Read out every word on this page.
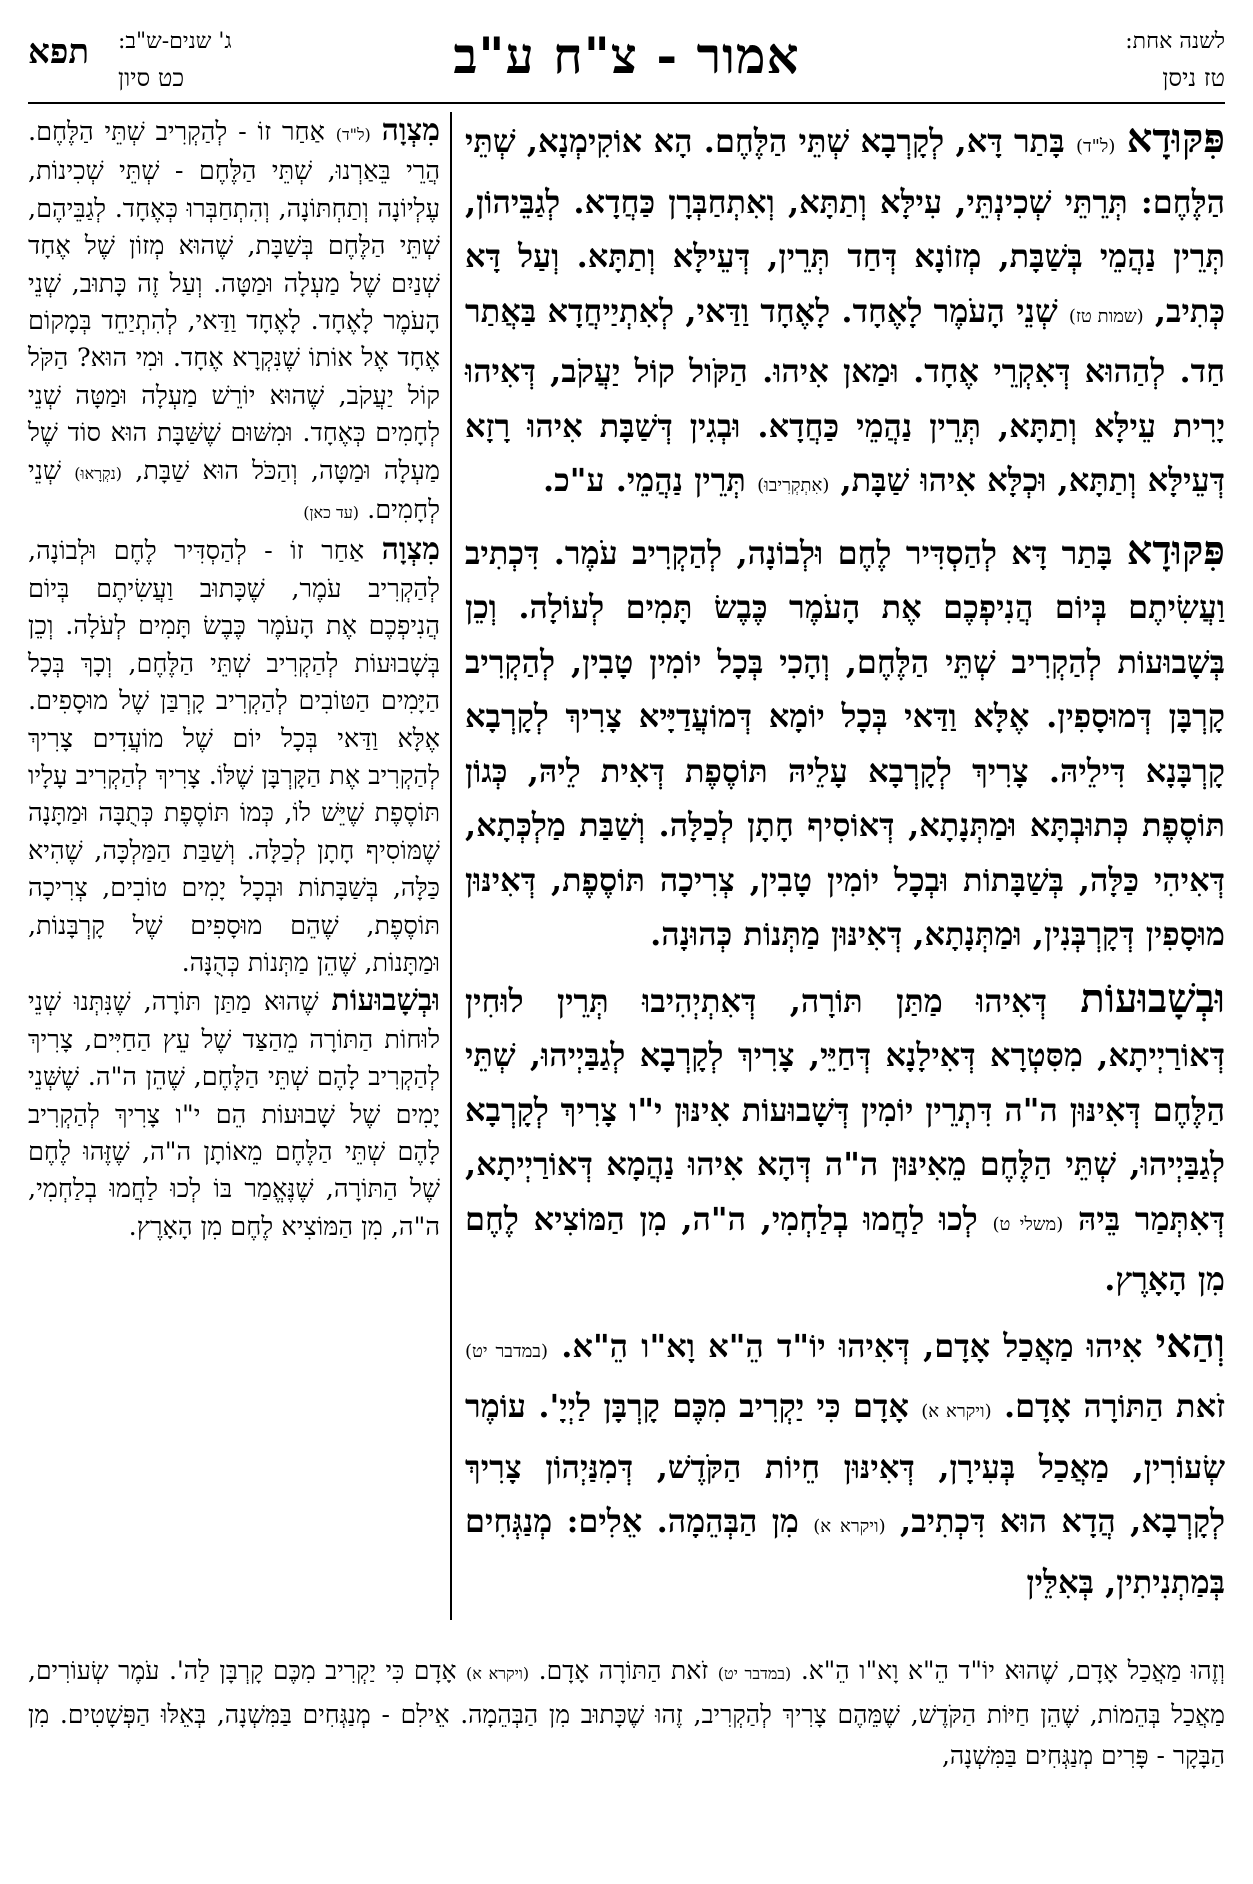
לשנה אחת:
טז ניסן
אמור - צ"ח ע"ב
ג' שנים-ש"ב:
כט סיון
תפא

פִּקּוּדָא (ל"ד) בָּתַר דָּא, לְקָרְבָא שְׁתֵּי הַלֶּחֶם. הָא אוֹקִימְנָא, שְׁתֵּי הַלֶּחֶם: תְּרֵתֵּי שְׁכִינְתֵּי, עִילָּא וְתַתָּא, וְאִתְחַבְּרָן כַּחֲדָא. לְגַבֵּיהוֹן, תְּרֵין נַהֲמֵי בְּשַׁבָּת, מְזוֹנָא דְּחַד תְּרֵין, דְּעֵילָּא וְתַתָּא. וְעַל דָּא כְּתִיב, (שמות טז) שְׁנֵי הָעֹמֶר לָאֶחָד. לָאֶחָד וַדַּאי, לְאִתְיַיחֲדָא בַּאֲתַר חַד. לְהַהוּא דְּאִקְרֵי אֶחָד. וּמַאן אִיהוּ. הַקֹּול קוֹל יַעֲקֹב, דְּאִיהוּ יָרִית עֵילָּא וְתַתָּא, תְּרֵין נַהֲמֵי כַּחֲדָא. וּבְגִין דְּשַׁבָּת אִיהוּ רָזָא דְּעֵילָּא וְתַתָּא, וּכְלָּא אִיהוּ שַׁבָּת, (אִתְקְרִיבוּ) תְּרֵין נַהֲמֵי. ע"כ.

פִּקּוּדָא בָּתַר דָּא לְהַסְדִּיר לֶחֶם וּלְבוֹנָה, לְהַקְרִיב עֹמֶר. דִּכְתִיב וַעֲשִׂיתֶם בְּיוֹם הֲנִיפְכֶם אֶת הָעֹמֶר כֶּבֶשׂ תָּמִים לְעוֹלָה. וְכֵן בְּשָׁבוּעוֹת לְהַקְרִיב שְׁתֵּי הַלֶּחֶם, וְהָכִי בְּכָל יוֹמִין טָבִין, לְהַקְרִיב קָרְבָּן דְּמוּסָפִין. אֶלָּא וַדַּאי בְּכָל יוֹמָא דְּמוֹעֲדַיָּיא צָרִיךְ לְקָרְבָא קָרְבָּנָא דִּילֵיהּ. צָרִיךְ לְקָרְבָא עָלֵיהּ תּוֹסֶפֶת דְּאִית לֵיהּ, כְּגוֹן תּוֹסֶפֶת כְּתוּבְתָּא וּמַתְּנָתָא, דְּאוֹסִיף חָתָן לְכַלָּה. וְשַׁבַּת מַלְכְּתָא, דְּאִיהִי כַּלָּה, בְּשַׁבָּתוֹת וּבְכָל יוֹמִין טָבִין, צְרִיכָה תּוֹסֶפֶת, דְּאִינּוּן מוּסָפִין דְּקָרְבְּנִין, וּמַתְּנָתָא, דְּאִינּוּן מַתְּנוֹת כְּהוּנָה.

וּבְשָׁבוּעוֹת דְּאִיהוּ מַתַּן תּוֹרָה, דְּאִתְיְהִיבוּ תְּרֵין לוּחִין דְּאוֹרַיְיתָא, מִסִּטְרָא דְּאִילָנָא דְּחַיֵּי, צָרִיךְ לְקָרְבָא לְגַבַּיְיהוּ, שְׁתֵּי הַלֶּחֶם דְּאִינּוּן ה"ה דִּתְרֵין יוֹמִין דְּשָׁבוּעוֹת אִינּוּן י"ו צָרִיךְ לְקָרְבָא לְגַבַּיְיהוּ, שְׁתֵּי הַלֶּחֶם מֵאִינּוּן ה"ה דְּהָא אִיהוּ נַהֲמָא דְּאוֹרַיְיתָא, דְּאִתְּמַר בֵּיהּ (משלי ט) לְכוּ לַחֲמוּ בְלַחְמִי, ה"ה, מִן הַמּוֹצִיא לֶחֶם מִן הָאָרֶץ.

וְהַאי אִיהוּ מַאֲכַל אָדָם, דְּאִיהוּ יוֹ"ד הֵ"א וָא"ו הֵ"א. (במדבר יט) זֹאת הַתּוֹרָה אָדָם. (ויקרא א) אָדָם כִּי יַקְרִיב מִכֶּם קָרְבָּן לַיְיָ'. עוֹמֶר שְׂעוֹרִין, מַאֲכַל בְּעִירָן, דְּאִינּוּן חֵיוֹת הַקֹּדֶשׁ, דְּמִנַּיְהוֹן צָרִיךְ לְקָרְבָא, הֲדָא הוּא דִּכְתִיב, (ויקרא א) מִן הַבְּהֵמָה. אֵלִים: מְנַגְּחִים בְּמַתְנִיתִין, בְּאִלֵּין

מִצְוָה (ל"ד) אַחַר זוֹ - לְהַקְרִיב שְׁתֵּי הַלֶּחֶם. הֲרֵי בֵּאַרְנוּ, שְׁתֵּי הַלֶּחֶם - שְׁתֵּי שְׁכִינוֹת, עֶלְיוֹנָה וְתַחְתּוֹנָה, וְהִתְחַבְּרוּ כְּאֶחָד. לְגַבֵּיהֶם, שְׁתֵּי הַלֶּחֶם בְּשַׁבָּת, שֶׁהוּא מְזוֹן שֶׁל אֶחָד שְׁנַיִם שֶׁל מַעְלָה וּמַטָּה. וְעַל זֶה כָּתוּב, שְׁנֵי הָעֹמֶר לָאֶחָד. לָאֶחָד וַדַּאי, לְהִתְיַחֵד בְּמָקוֹם אֶחָד אֶל אוֹתוֹ שֶׁנִּקְרָא אֶחָד. וּמִי הוּא? הַקֹּל קוֹל יַעֲקֹב, שֶׁהוּא יוֹרֵשׁ מַעְלָה וּמַטָּה שְׁנֵי לְחָמִים כְּאֶחָד. וּמִשּׁוּם שֶׁשַּׁבָּת הוּא סוֹד שֶׁל מַעְלָה וּמַטָּה, וְהַכֹּל הוּא שַׁבָּת, (נקְרָאוּ) שְׁנֵי לְחָמִים. (עד כאן)

מִצְוָה אַחַר זוֹ - לְהַסְדִּיר לֶחֶם וּלְבוֹנָה, לְהַקְרִיב עֹמֶר, שֶׁכָּתוּב וַעֲשִׂיתֶם בְּיוֹם הֲנִיפְכֶם אֶת הָעֹמֶר כֶּבֶשׂ תָּמִים לְעֹלָה. וְכֵן בְּשָׁבוּעוֹת לְהַקְרִיב שְׁתֵּי הַלֶּחֶם, וְכָךְ בְּכָל הַיָּמִים הַטּוֹבִים לְהַקְרִיב קָרְבַּן שֶׁל מוּסָפִים. אֶלָּא וַדַּאי בְּכָל יוֹם שֶׁל מוֹעֲדִים צָרִיךְ לְהַקְרִיב אֶת הַקָּרְבָּן שֶׁלּוֹ. צָרִיךְ לְהַקְרִיב עָלָיו תּוֹסֶפֶת שֶׁיֵּשׁ לוֹ, כְּמוֹ תּוֹסֶפֶת כְּתֻבָּה וּמַתָּנָה שֶׁמּוֹסִיף חָתָן לְכַלָּה. וְשַׁבַּת הַמַּלְכָּה, שֶׁהִיא כַּלָּה, בְּשַׁבָּתוֹת וּבְכָל יָמִים טוֹבִים, צְרִיכָה תּוֹסֶפֶת, שֶׁהֵם מוּסָפִים שֶׁל קָרְבָּנוֹת, וּמַתָּנוֹת, שֶׁהֵן מַתְּנוֹת כְּהֻנָּה.

וּבְשָׁבוּעוֹת שֶׁהוּא מַתַּן תּוֹרָה, שֶׁנִּתְּנוּ שְׁנֵי לוּחוֹת הַתּוֹרָה מֵהַצַּד שֶׁל עֵץ הַחַיִּים, צָרִיךְ לְהַקְרִיב לָהֶם שְׁתֵּי הַלֶּחֶם, שֶׁהֵן ה"ה. שֶׁשְּׁנֵי יָמִים שֶׁל שָׁבוּעוֹת הֵם י"ו צָרִיךְ לְהַקְרִיב לָהֶם שְׁתֵּי הַלֶּחֶם מֵאוֹתָן ה"ה, שֶׁזֶּהוּ לֶחֶם שֶׁל הַתּוֹרָה, שֶׁנֶּאֱמַר בּוֹ לְכוּ לַחֲמוּ בְלַחְמִי, ה"ה, מִן הַמּוֹצִיא לֶחֶם מִן הָאָרֶץ.

וְזֶהוּ מַאֲכַל אָדָם, שֶׁהוּא יוֹ"ד הֵ"א וָא"ו הֵ"א. (במדבר יט) זֹאת הַתּוֹרָה אָדָם. (ויקרא א) אָדָם כִּי יַקְרִיב מִכֶּם קָרְבָּן לַה'. עֹמֶר שְׂעוֹרִים, מַאֲכַל בְּהֵמוֹת, שֶׁהֵן חַיּוֹת הַקֹּדֶשׁ, שֶׁמֵּהֶם צָרִיךְ לְהַקְרִיב, זֶהוּ שֶׁכָּתוּב מִן הַבְּהֵמָה. אֵילִם - מְנַגְּחִים בַּמִּשְׁנָה, בְּאֵלּוּ הַפְּשָׁטִים. מִן הַבָּקָר - פָּרִים מְנַגְּחִים בַּמִּשְׁנָה,
